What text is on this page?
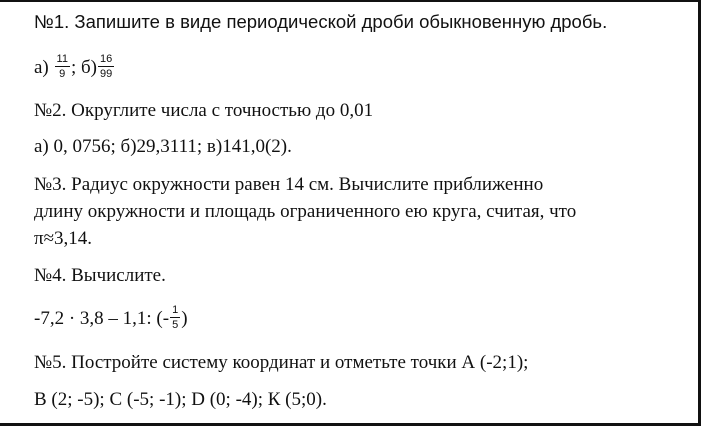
№1. Запишите в виде периодической дроби обыкновенную дробь.
$а) \frac{11}{9}$ ; $б) \frac{16}{99}$
№2. Округлите числа с точностью до 0,01
а) 0, 0756; б)29,3111; в)141,0(2).
№3. Радиус окружности равен 14 см. Вычислите приближенно
длину окружности и площадь ограниченного ею круга, считая, что
π≈3,14.
№4. Вычислите.
-7,2 · 3,8 – 1,1: (- $\frac{1}{5}$ )
№5. Постройте систему координат и отметьте точки А (-2;1);
В (2; -5); С (-5; -1); D (0; -4); К (5;0).
